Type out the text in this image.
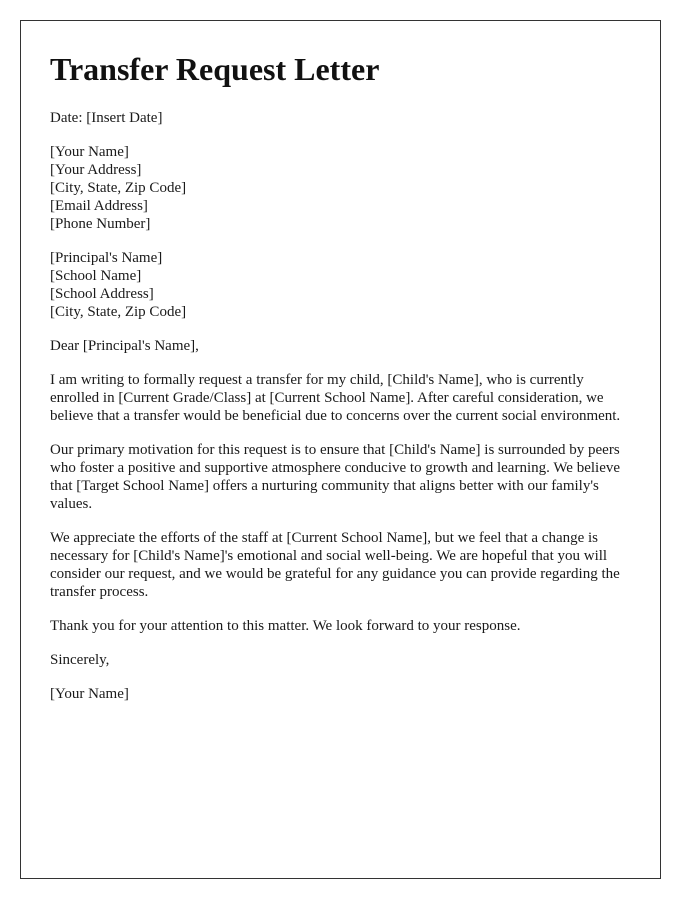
Transfer Request Letter

Date: [Insert Date]

[Your Name]
[Your Address]
[City, State, Zip Code]
[Email Address]
[Phone Number]
[Principal's Name]
[School Name]
[School Address]
[City, State, Zip Code]

Dear [Principal's Name],

I am writing to formally request a transfer for my child, [Child's Name], who is currently enrolled in [Current Grade/Class] at [Current School Name]. After careful consideration, we believe that a transfer would be beneficial due to concerns over the current social environment.

Our primary motivation for this request is to ensure that [Child's Name] is surrounded by peers who foster a positive and supportive atmosphere conducive to growth and learning. We believe that [Target School Name] offers a nurturing community that aligns better with our family's values.

We appreciate the efforts of the staff at [Current School Name], but we feel that a change is necessary for [Child's Name]'s emotional and social well-being. We are hopeful that you will consider our request, and we would be grateful for any guidance you can provide regarding the transfer process.

Thank you for your attention to this matter. We look forward to your response.

Sincerely,

[Your Name]
